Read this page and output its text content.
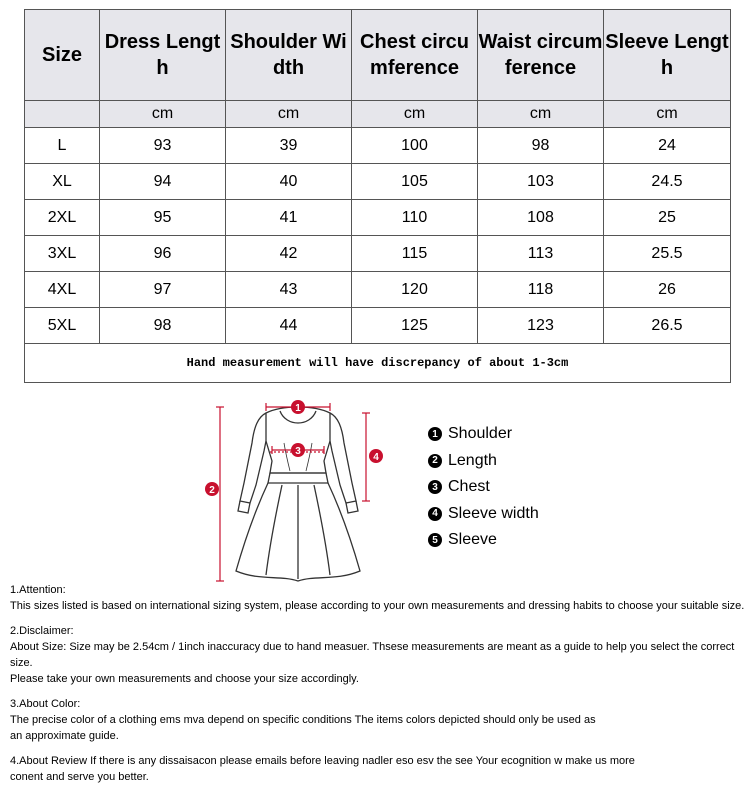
Size	Dress Length	Shoulder Width	Chest circumference	Waist circumference	Sleeve Length

	cm	cm	cm	cm	cm
L	93	39	100	98	24
XL	94	40	105	103	24.5
2XL	95	41	110	108	25
3XL	96	42	115	113	25.5
4XL	97	43	120	118	26
5XL	98	44	125	123	26.5
Hand measurement will have discrepancy of about 1-3cm					
1
3
2
4
1 Shoulder
2 Length
3 Chest
4 Sleeve width
5 Sleeve

1.Attention:

This sizes listed is based on international sizing system, please according to your own measurements and dressing habits to choose your suitable size.

2.Disclaimer:

About Size: Size may be 2.54cm / 1inch inaccuracy due to hand measuer. Thsese measurements are meant as a guide to help you select the correct size.

Please take your own measurements and choose your size accordingly.

3.About Color:

The precise color of a clothing ems mva depend on specific conditions The items colors depicted should only be used as

an approximate guide.

4.About Review If there is any dissaisacon please emails before leaving nadler eso esv the see Your ecognition w make us more

conent and serve you better.
